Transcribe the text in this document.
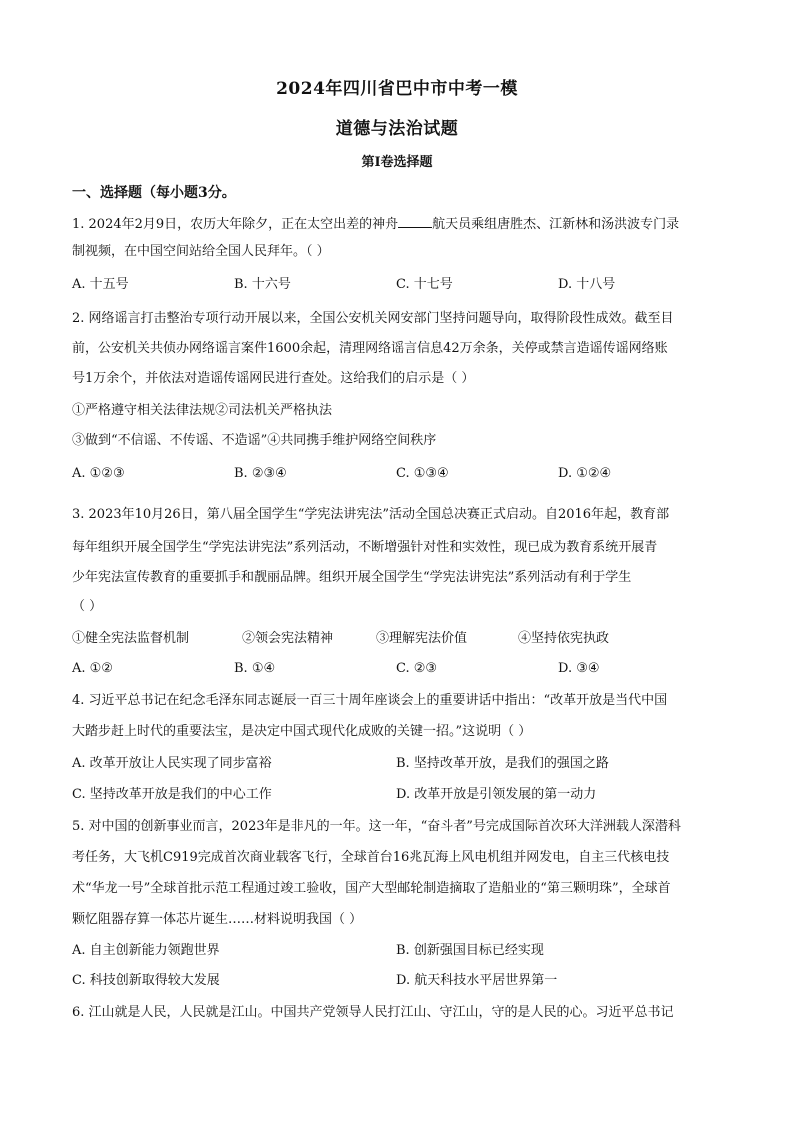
2024年四川省巴中市中考一模
道德与法治试题
第Ⅰ卷选择题
一、选择题（每小题3分。
1. 2024年2月9日，农历大年除夕，正在太空出差的神舟	航天员乘组唐胜杰、江新林和汤洪波专门录
制视频，在中国空间站给全国人民拜年。（ ）
A. 十五号	B. 十六号	C. 十七号	D. 十八号
2. 网络谣言打击整治专项行动开展以来，全国公安机关网安部门坚持问题导向，取得阶段性成效。截至目
前，公安机关共侦办网络谣言案件1600余起，清理网络谣言信息42万余条，关停或禁言造谣传谣网络账
号1万余个，并依法对造谣传谣网民进行查处。这给我们的启示是（ ）
①严格遵守相关法律法规②司法机关严格执法
③做到“不信谣、不传谣、不造谣”④共同携手维护网络空间秩序
A. ①②③	B. ②③④	C. ①③④	D. ①②④
3. 2023年10月26日，第八届全国学生“学宪法讲宪法”活动全国总决赛正式启动。自2016年起，教育部
每年组织开展全国学生“学宪法讲宪法”系列活动，不断增强针对性和实效性，现已成为教育系统开展青
少年宪法宣传教育的重要抓手和靓丽品牌。组织开展全国学生“学宪法讲宪法”系列活动有利于学生
（ ）
①健全宪法监督机制	②领会宪法精神	③理解宪法价值	④坚持依宪执政
A. ①②	B. ①④	C. ②③	D. ③④
4. 习近平总书记在纪念毛泽东同志诞辰一百三十周年座谈会上的重要讲话中指出：“改革开放是当代中国
大踏步赶上时代的重要法宝，是决定中国式现代化成败的关键一招。”这说明（ ）
A. 改革开放让人民实现了同步富裕	B. 坚持改革开放，是我们的强国之路
C. 坚持改革开放是我们的中心工作	D. 改革开放是引领发展的第一动力
5. 对中国的创新事业而言，2023年是非凡的一年。这一年，“奋斗者”号完成国际首次环大洋洲载人深潜科
考任务，大飞机C919完成首次商业载客飞行，全球首台16兆瓦海上风电机组并网发电，自主三代核电技
术“华龙一号”全球首批示范工程通过竣工验收，国产大型邮轮制造摘取了造船业的“第三颗明珠”，全球首
颗忆阻器存算一体芯片诞生……材料说明我国（ ）
A. 自主创新能力领跑世界	B. 创新强国目标已经实现
C. 科技创新取得较大发展	D. 航天科技水平居世界第一
6. 江山就是人民，人民就是江山。中国共产党领导人民打江山、守江山，守的是人民的心。习近平总书记
